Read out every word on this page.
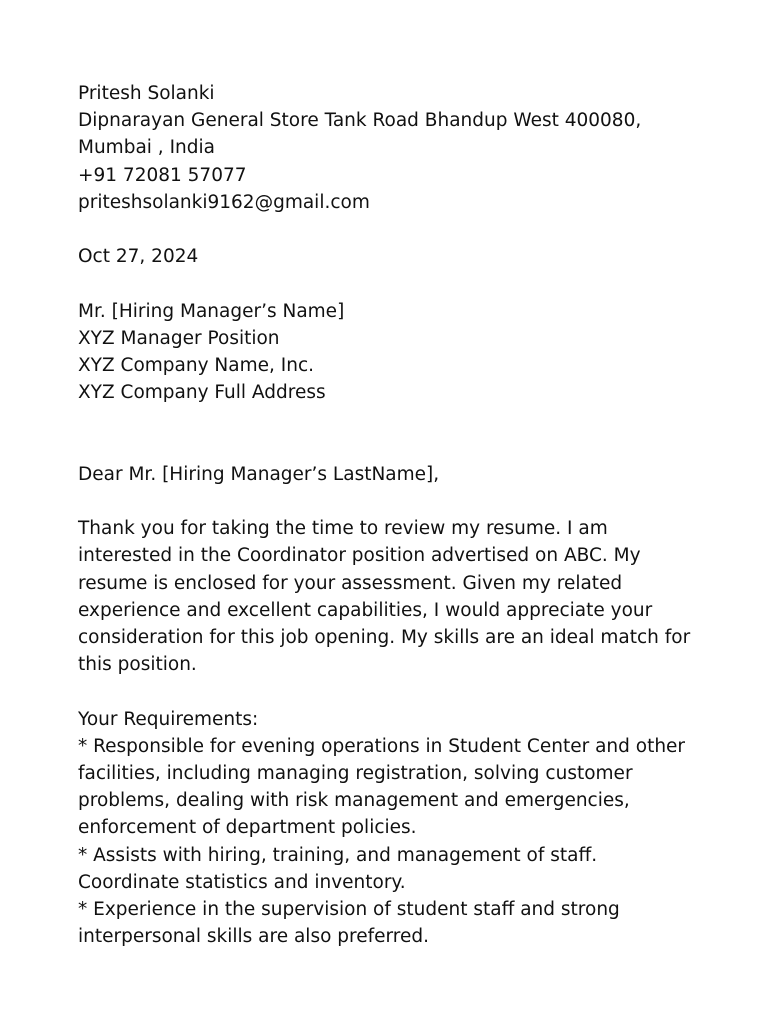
Pritesh Solanki
Dipnarayan General Store Tank Road Bhandup West 400080,
Mumbai , India
+91 72081 57077
priteshsolanki9162@gmail.com
Oct 27, 2024
Mr. [Hiring Manager’s Name]
XYZ Manager Position
XYZ Company Name, Inc.
XYZ Company Full Address
Dear Mr. [Hiring Manager’s LastName],
Thank you for taking the time to review my resume. I am
interested in the Coordinator position advertised on ABC. My
resume is enclosed for your assessment. Given my related
experience and excellent capabilities, I would appreciate your
consideration for this job opening. My skills are an ideal match for
this position.
Your Requirements:
* Responsible for evening operations in Student Center and other
facilities, including managing registration, solving customer
problems, dealing with risk management and emergencies,
enforcement of department policies.
* Assists with hiring, training, and management of staff.
Coordinate statistics and inventory.
* Experience in the supervision of student staff and strong
interpersonal skills are also preferred.
